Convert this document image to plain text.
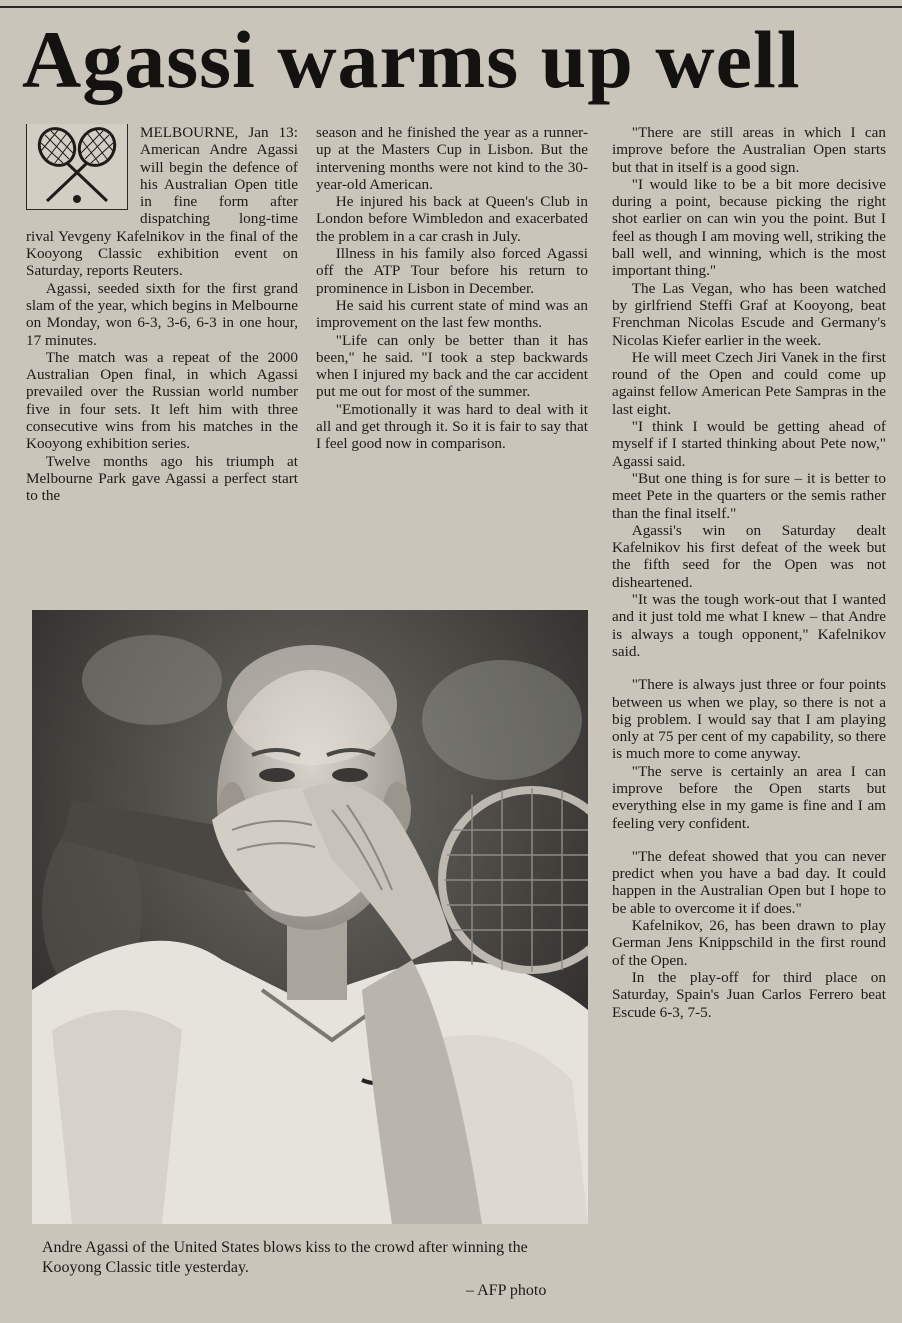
Agassi warms up well

MELBOURNE, Jan 13: American Andre Agassi will begin the defence of his Australian Open title in fine form after dispatching long-time rival Yevgeny Kafelnikov in the final of the Kooyong Classic exhibition event on Saturday, reports Reuters.

Agassi, seeded sixth for the first grand slam of the year, which begins in Melbourne on Monday, won 6-3, 3-6, 6-3 in one hour, 17 minutes.

The match was a repeat of the 2000 Australian Open final, in which Agassi prevailed over the Russian world number five in four sets. It left him with three consecutive wins from his matches in the Kooyong exhibition series.

Twelve months ago his triumph at Melbourne Park gave Agassi a perfect start to the

season and he finished the year as a runner-up at the Masters Cup in Lisbon. But the intervening months were not kind to the 30-year-old American.

He injured his back at Queen's Club in London before Wimbledon and exacerbated the problem in a car crash in July.

Illness in his family also forced Agassi off the ATP Tour before his return to prominence in Lisbon in December.

He said his current state of mind was an improvement on the last few months.

"Life can only be better than it has been," he said. "I took a step backwards when I injured my back and the car accident put me out for most of the summer.

"Emotionally it was hard to deal with it all and get through it. So it is fair to say that I feel good now in comparison.

"There are still areas in which I can improve before the Australian Open starts but that in itself is a good sign.

"I would like to be a bit more decisive during a point, because picking the right shot earlier on can win you the point. But I feel as though I am moving well, striking the ball well, and winning, which is the most important thing."

The Las Vegan, who has been watched by girlfriend Steffi Graf at Kooyong, beat Frenchman Nicolas Escude and Germany's Nicolas Kiefer earlier in the week.

He will meet Czech Jiri Vanek in the first round of the Open and could come up against fellow American Pete Sampras in the last eight.

"I think I would be getting ahead of myself if I started thinking about Pete now," Agassi said.

"But one thing is for sure – it is better to meet Pete in the quarters or the semis rather than the final itself."

Agassi's win on Saturday dealt Kafelnikov his first defeat of the week but the fifth seed for the Open was not disheartened.

"It was the tough work-out that I wanted and it just told me what I knew – that Andre is always a tough opponent," Kafelnikov said.

"There is always just three or four points between us when we play, so there is not a big problem. I would say that I am playing only at 75 per cent of my capability, so there is much more to come anyway.

"The serve is certainly an area I can improve before the Open starts but everything else in my game is fine and I am feeling very confident.

"The defeat showed that you can never predict when you have a bad day. It could happen in the Australian Open but I hope to be able to overcome it if does."

Kafelnikov, 26, has been drawn to play German Jens Knippschild in the first round of the Open.

In the play-off for third place on Saturday, Spain's Juan Carlos Ferrero beat Escude 6-3, 7-5.

Andre Agassi of the United States blows kiss to the crowd after winning the Kooyong Classic title yesterday.
– AFP photo
